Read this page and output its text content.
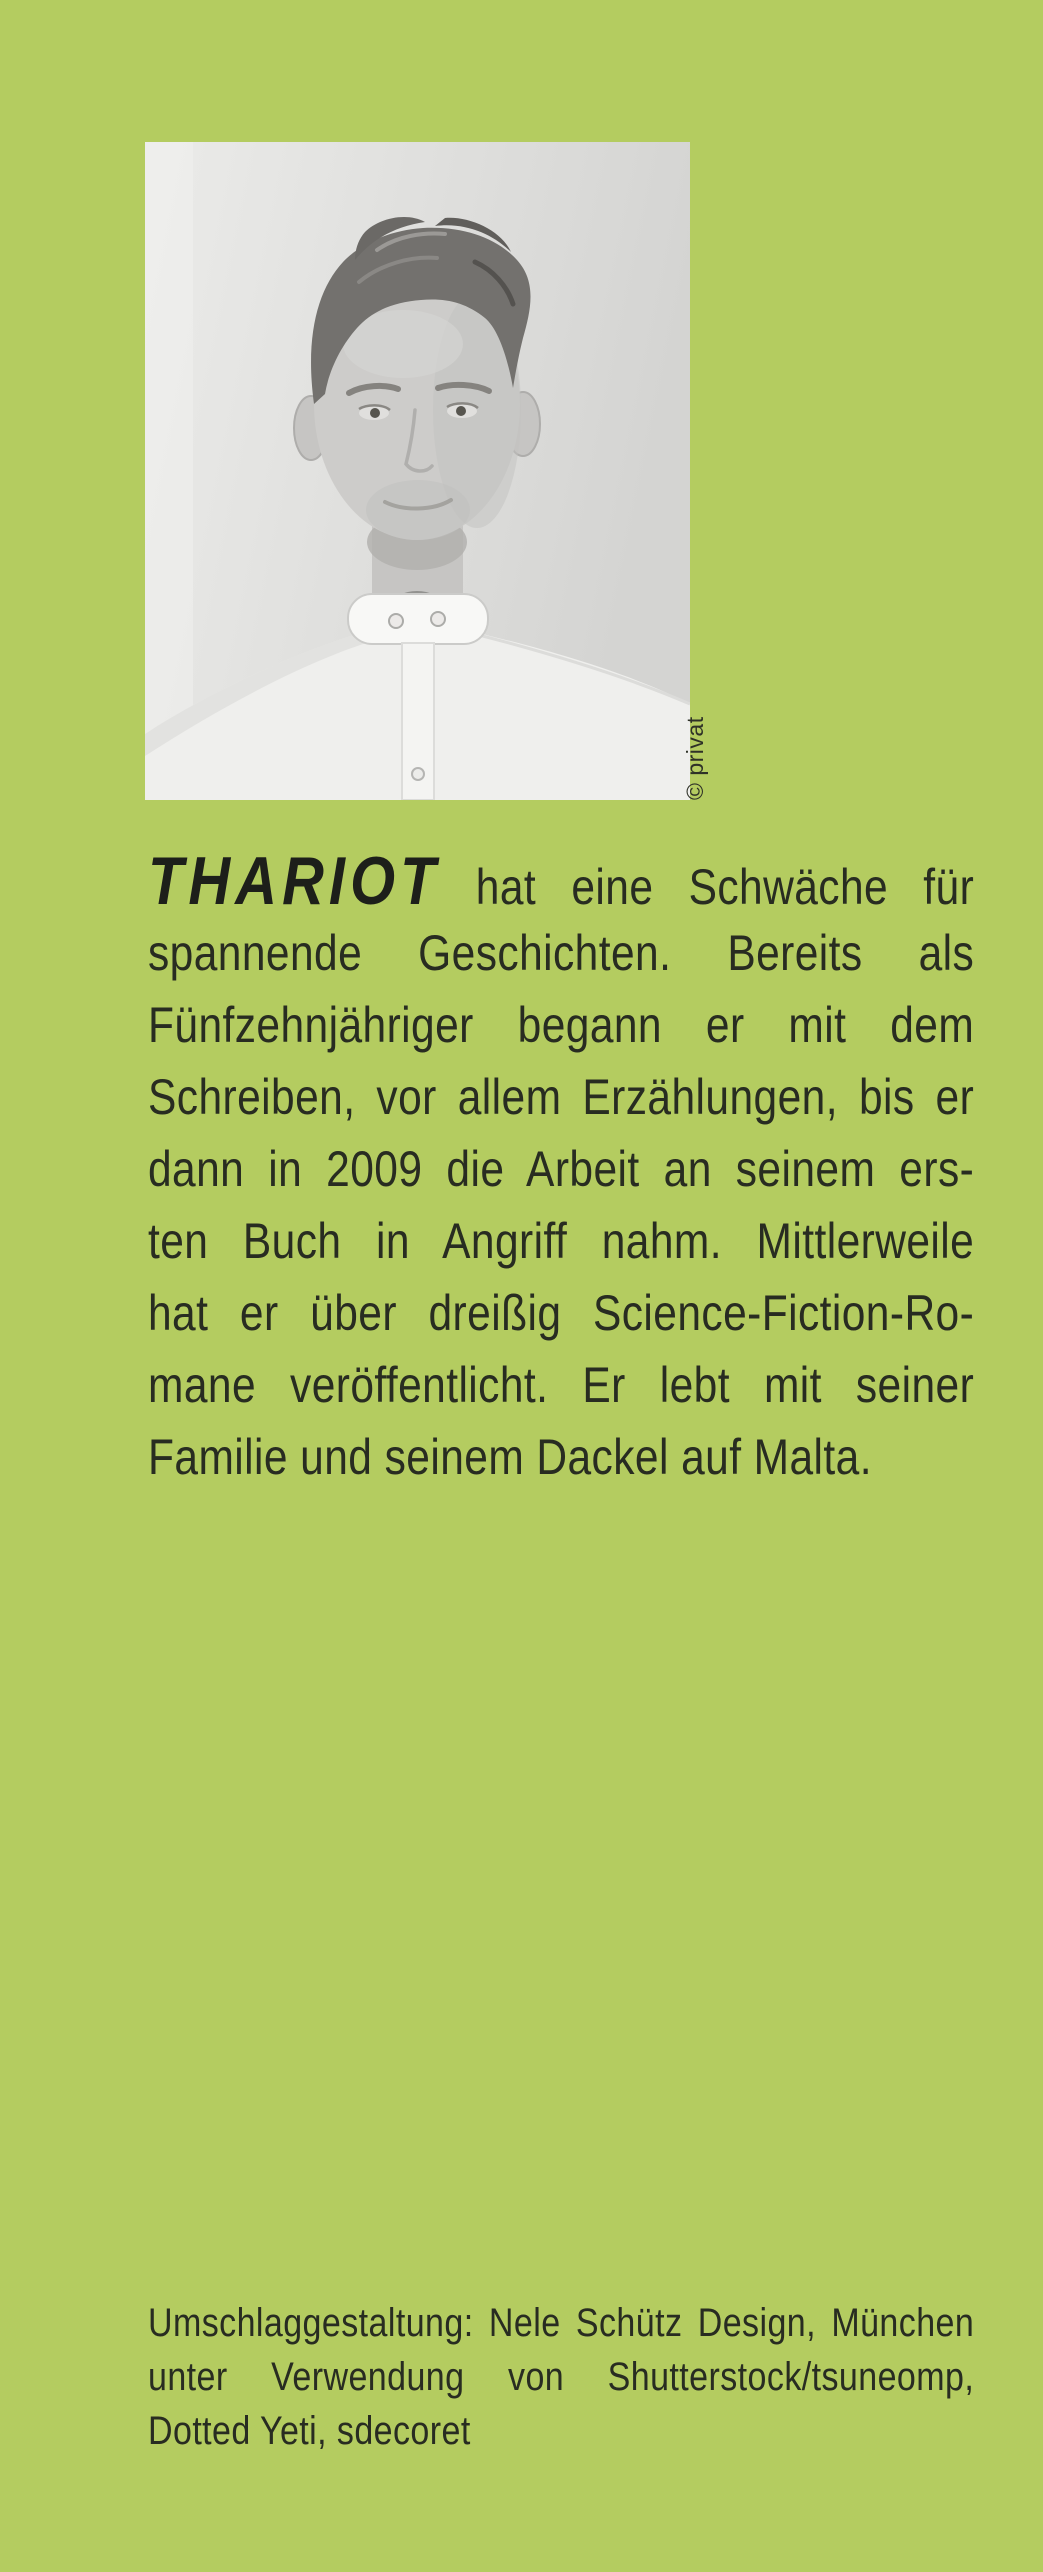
© privat
THARIOT hat eine Schwäche für
spannende Geschichten. Bereits als
Fünfzehnjähriger begann er mit dem
Schreiben, vor allem Erzählungen, bis er
dann in 2009 die Arbeit an seinem ers-
ten Buch in Angriff nahm. Mittlerweile
hat er über dreißig Science-Fiction-Ro-
mane veröffentlicht. Er lebt mit seiner
Familie und seinem Dackel auf Malta.
Umschlaggestaltung: Nele Schütz Design, München
unter Verwendung von Shutterstock/tsuneomp,
Dotted Yeti, sdecoret
